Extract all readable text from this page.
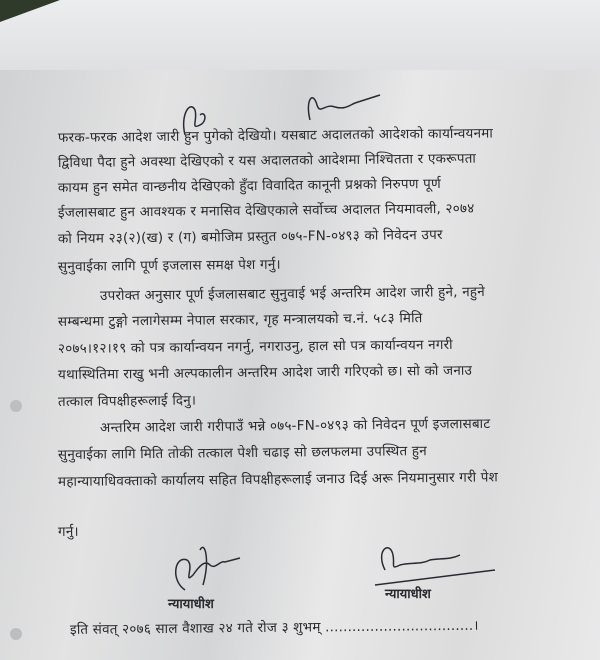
फरक-फरक आदेश जारी हुन पुगेको देखियो। यसबाट अदालतको आदेशको कार्यान्वयनमा
द्विविधा पैदा हुने अवस्था देखिएको र यस अदालतको आदेशमा निश्चितता र एकरूपता
कायम हुन समेत वान्छनीय देखिएको हुँदा विवादित कानूनी प्रश्नको निरुपण पूर्ण
ईजलासबाट हुन आवश्यक र मनासिव देखिएकाले सर्वोच्च अदालत नियमावली, २०७४
को नियम २३(२)(ख) र (ग) बमोजिम प्रस्तुत ०७५-FN-०४९३ को निवेदन उपर
सुनुवाईका लागि पूर्ण इजलास समक्ष पेश गर्नु।
उपरोक्त अनुसार पूर्ण ईजलासबाट सुनुवाई भई अन्तरिम आदेश जारी हुने, नहुने
सम्बन्धमा टुङ्गो नलागेसम्म नेपाल सरकार, गृह मन्त्रालयको च.नं. ५८३ मिति
२०७५।१२।१९ को पत्र कार्यान्वयन नगर्नु, नगराउनु, हाल सो पत्र कार्यान्वयन नगरी
यथास्थितिमा राखु भनी अल्पकालीन अन्तरिम आदेश जारी गरिएको छ। सो को जनाउ
तत्काल विपक्षीहरूलाई दिनु।
अन्तरिम आदेश जारी गरीपाउँ भन्ने ०७५-FN-०४९३ को निवेदन पूर्ण इजलासबाट
सुनुवाईका लागि मिति तोकी तत्काल पेशी चढाइ सो छलफलमा उपस्थित हुन
महान्यायाधिवक्ताको कार्यालय सहित विपक्षीहरूलाई जनाउ दिई अरू नियमानुसार गरी पेश
गर्नु।
न्यायाधीश
न्यायाधीश
इति संवत् २०७६ साल वैशाख २४ गते रोज ३ शुभम् .................................।
